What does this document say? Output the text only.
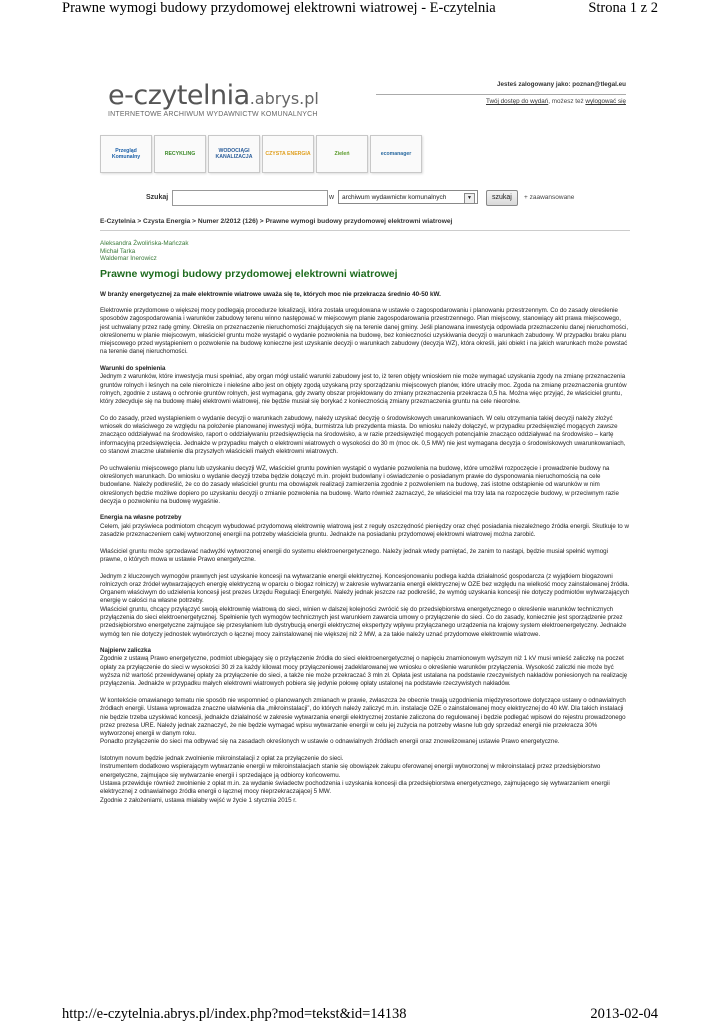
Prawne wymogi budowy przydomowej elektrowni wiatrowej - E-czytelnia	Strona 1 z 2
e-czytelnia.abrys.pl
INTERNETOWE ARCHIWUM WYDAWNICTW KOMUNALNYCH
Jesteś zalogowany jako: poznan@tlegal.eu
Twój dostęp do wydań, możesz też wylogować się
Przegląd Komunalny	RECYKLING	WODOCIĄGI KANALIZACJA	CZYSTA ENERGIA	Zieleń	ecomanager
Szukaj	w	archiwum wydawnictw komunalnych	▼	szukaj	+ zaawansowane
E-Czytelnia > Czysta Energia > Numer 2/2012 (126) > Prawne wymogi budowy przydomowej elektrowni wiatrowej
Aleksandra Żwolińska-Mańczak
Michał Tarka
Waldemar Inerowicz
Prawne wymogi budowy przydomowej elektrowni wiatrowej
W branży energetycznej za małe elektrownie wiatrowe uważa się te, których moc nie przekracza średnio 40-50 kW.

Elektrownie przydomowe o większej mocy podlegają procedurze lokalizacji, która została uregulowana w ustawie o zagospodarowaniu i planowaniu przestrzennym. Co do zasady określenie sposobów zagospodarowania i warunków zabudowy terenu winno następować w miejscowym planie zagospodarowania przestrzennego. Plan miejscowy, stanowiący akt prawa miejscowego, jest uchwalany przez radę gminy. Określa on przeznaczenie nieruchomości znajdujących się na terenie danej gminy. Jeśli planowana inwestycja odpowiada przeznaczeniu danej nieruchomości, określonemu w planie miejscowym, właściciel gruntu może wystąpić o wydanie pozwolenia na budowę, bez konieczności uzyskiwania decyzji o warunkach zabudowy. W przypadku braku planu miejscowego przed wystąpieniem o pozwolenie na budowę konieczne jest uzyskanie decyzji o warunkach zabudowy (decyzja WZ), która określi, jaki obiekt i na jakich warunkach może powstać na terenie danej nieruchomości.

Warunki do spełnienia

Jednym z warunków, które inwestycja musi spełniać, aby organ mógł ustalić warunki zabudowy jest to, iż teren objęty wnioskiem nie może wymagać uzyskania zgody na zmianę przeznaczenia gruntów rolnych i leśnych na cele nierolnicze i nieleśne albo jest on objęty zgodą uzyskaną przy sporządzaniu miejscowych planów, które utraciły moc. Zgoda na zmianę przeznaczenia gruntów rolnych, zgodnie z ustawą o ochronie gruntów rolnych, jest wymagana, gdy zwarty obszar projektowany do zmiany przeznaczenia przekracza 0,5 ha. Można więc przyjąć, że właściciel gruntu, który zdecyduje się na budowę małej elektrowni wiatrowej, nie będzie musiał się borykać z koniecznością zmiany przeznaczenia gruntu na cele nieorolne.

Co do zasady, przed wystąpieniem o wydanie decyzji o warunkach zabudowy, należy uzyskać decyzję o środowiskowych uwarunkowaniach. W celu otrzymania takiej decyzji należy złożyć wniosek do właściwego ze względu na położenie planowanej inwestycji wójta, burmistrza lub prezydenta miasta. Do wniosku należy dołączyć, w przypadku przedsięwzięć mogących zawsze znacząco oddziaływać na środowisko, raport o oddziaływaniu przedsięwzięcia na środowisko, a w razie przedsięwzięć mogących potencjalnie znacząco oddziaływać na środowisko – kartę informacyjną przedsięwzięcia. Jednakże w przypadku małych o elektrowni wiatrowych o wysokości do 30 m (moc ok. 0,5 MW) nie jest wymagana decyzja o środowiskowych uwarunkowaniach, co stanowi znaczne ułatwienie dla przyszłych właścicieli małych elektrowni wiatrowych.

Po uchwaleniu miejscowego planu lub uzyskaniu decyzji WZ, właściciel gruntu powinien wystąpić o wydanie pozwolenia na budowę, które umożliwi rozpoczęcie i prowadzenie budowy na określonych warunkach. Do wniosku o wydanie decyzji trzeba będzie dołączyć m.in. projekt budowlany i oświadczenie o posiadanym prawie do dysponowania nieruchomością na cele budowlane. Należy podkreślić, że co do zasady właściciel gruntu ma obowiązek realizacji zamierzenia zgodnie z pozwoleniem na budowę, zaś istotne odstąpienie od warunków w nim określonych będzie możliwe dopiero po uzyskaniu decyzji o zmianie pozwolenia na budowę. Warto również zaznaczyć, że właściciel ma trzy lata na rozpoczęcie budowy, w przeciwnym razie decyzja o pozwoleniu na budowę wygaśnie.

Energia na własne potrzeby

Celem, jaki przyświeca podmiotom chcącym wybudować przydomową elektrownię wiatrową jest z reguły oszczędność pieniędzy oraz chęć posiadania niezależnego źródła energii. Skutkuje to w zasadzie przeznaczeniem całej wytworzonej energii na potrzeby właściciela gruntu. Jednakże na posiadaniu przydomowej elektrowni wiatrowej można zarobić.

Właściciel gruntu może sprzedawać nadwyżki wytworzonej energii do systemu elektroenergetycznego. Należy jednak wtedy pamiętać, że zanim to nastąpi, będzie musiał spełnić wymogi prawne, o których mowa w ustawie Prawo energetyczne.

Jednym z kluczowych wymogów prawnych jest uzyskanie koncesji na wytwarzanie energii elektrycznej. Koncesjonowaniu podlega każda działalność gospodarcza (z wyjątkiem biogazowni rolniczych oraz źródeł wytwarzających energię elektryczną w oparciu o biogaz rolniczy) w zakresie wytwarzania energii elektrycznej w OZE bez względu na wielkość mocy zainstalowanej źródła. Organem właściwym do udzielenia koncesji jest prezes Urzędu Regulacji Energetyki. Należy jednak jeszcze raz podkreślić, że wymóg uzyskania koncesji nie dotyczy podmiotów wytwarzających energię w całości na własne potrzeby.
Właściciel gruntu, chcący przyłączyć swoją elektrownię wiatrową do sieci, winien w dalszej kolejności zwrócić się do przedsiębiorstwa energetycznego o określenie warunków technicznych przyłączenia do sieci elektroenergetycznej. Spełnienie tych wymogów technicznych jest warunkiem zawarcia umowy o przyłączenie do sieci. Co do zasady, koniecznie jest sporządzenie przez przedsiębiorstwo energetyczne zajmujące się przesyłaniem lub dystrybucją energii elektrycznej ekspertyzy wpływu przyłączanego urządzenia na krajowy system elektroenergetyczny. Jednakże wymóg ten nie dotyczy jednostek wytwórczych o łącznej mocy zainstalowanej nie większej niż 2 MW, a za takie należy uznać przydomowe elektrownie wiatrowe.

Najpierw zaliczka

Zgodnie z ustawą Prawo energetyczne, podmiot ubiegający się o przyłączenie źródła do sieci elektroenergetycznej o napięciu znamionowym wyższym niż 1 kV musi wnieść zaliczkę na poczet opłaty za przyłączenie do sieci w wysokości 30 zł za każdy kilowat mocy przyłączeniowej zadeklarowanej we wniosku o określenie warunków przyłączenia. Wysokość zaliczki nie może być wyższa niż wartość przewidywanej opłaty za przyłączenie do sieci, a także nie może przekraczać 3 mln zł. Opłata jest ustalana na podstawie rzeczywistych nakładów poniesionych na realizację przyłączenia. Jednakże w przypadku małych elektrowni wiatrowych pobiera się jedynie połowę opłaty ustalonej na podstawie rzeczywistych nakładów.

W kontekście omawianego tematu nie sposób nie wspomnieć o planowanych zmianach w prawie, zwłaszcza że obecnie trwają uzgodnienia międzyresortowe dotyczące ustawy o odnawialnych źródłach energii. Ustawa wprowadza znaczne ułatwienia dla „mikroinstalacji”, do których należy zaliczyć m.in. instalacje OZE o zainstalowanej mocy elektrycznej do 40 kW. Dla takich instalacji nie będzie trzeba uzyskiwać koncesji, jednakże działalność w zakresie wytwarzania energii elektrycznej zostanie zaliczona do regulowanej i będzie podlegać wpisowi do rejestru prowadzonego przez prezesa URE. Należy jednak zaznaczyć, że nie będzie wymagać wpisu wytwarzanie energii w celu jej zużycia na potrzeby własne lub gdy sprzedaż energii nie przekracza 30% wytworzonej energii w danym roku.
Ponadto przyłączenie do sieci ma odbywać się na zasadach określonych w ustawie o odnawialnych źródłach energii oraz znowelizowanej ustawie Prawo energetyczne.

Istotnym novum będzie jednak zwolnienie mikroinstalacji z opłat za przyłączenie do sieci.
Instrumentem dodatkowo wspierającym wytwarzanie energii w mikroinstalacjach stanie się obowiązek zakupu oferowanej energii wytworzonej w mikroinstalacji przez przedsiębiorstwo energetyczne, zajmujące się wytwarzanie energii i sprzedające ją odbiorcy końcowemu.
Ustawa przewiduje również zwolnienie z opłat m.in. za wydanie świadectw pochodzenia i uzyskania koncesji dla przedsiębiorstwa energetycznego, zajmującego się wytwarzaniem energii elektrycznej z odnawialnego źródła energii o łącznej mocy nieprzekraczającej 5 MW.
Zgodnie z założeniami, ustawa miałaby wejść w życie 1 stycznia 2015 r.

http://e-czytelnia.abrys.pl/index.php?mod=tekst&id=14138	2013-02-04
